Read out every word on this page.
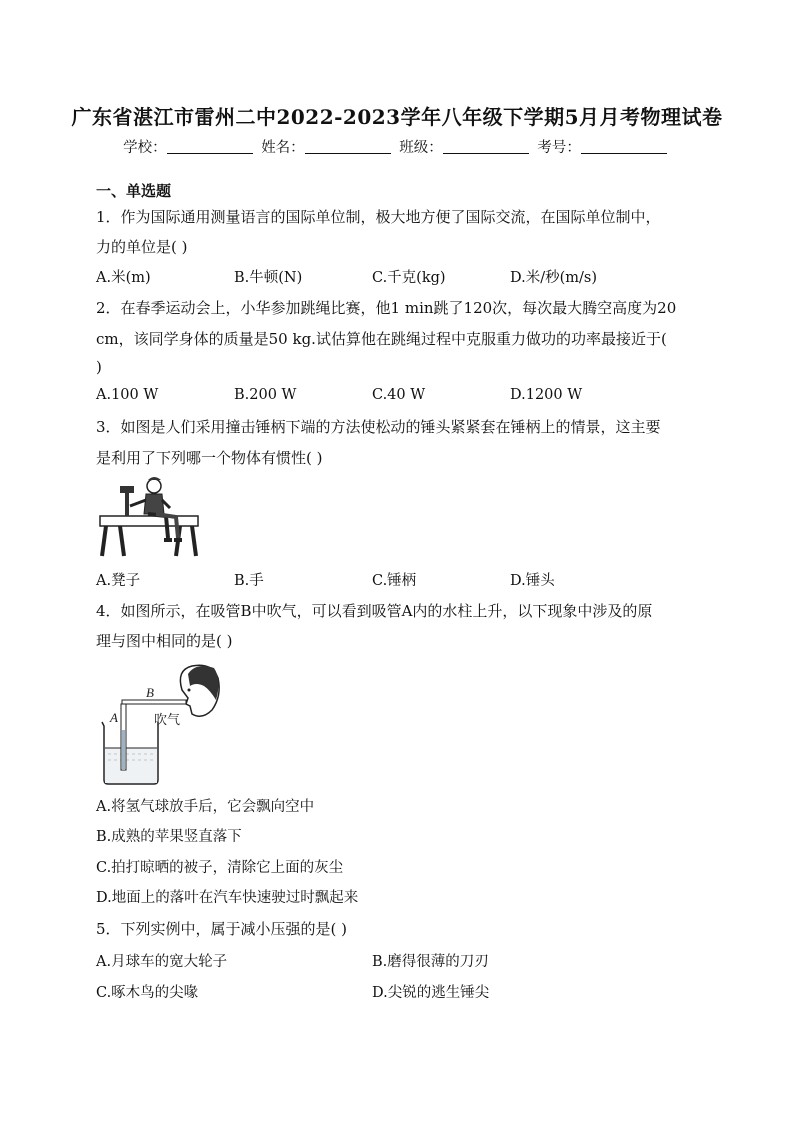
广东省湛江市雷州二中2022-2023学年八年级下学期5月月考物理试卷
学校：	姓名：	班级：	考号：
一、单选题
1．作为国际通用测量语言的国际单位制，极大地方便了国际交流，在国际单位制中，
力的单位是( )
A.米(m)	B.牛顿(N)	C.千克(kg)	D.米/秒(m/s)
2．在春季运动会上，小华参加跳绳比赛，他1 min跳了120次，每次最大腾空高度为20
cm，该同学身体的质量是50 kg.试估算他在跳绳过程中克服重力做功的功率最接近于(
)
A.100 W	B.200 W	C.40 W	D.1200 W
3．如图是人们采用撞击锤柄下端的方法使松动的锤头紧紧套在锤柄上的情景，这主要
是利用了下列哪一个物体有惯性( )
A.凳子	B.手	C.锤柄	D.锤头
4．如图所示，在吸管B中吹气，可以看到吸管A内的水柱上升，以下现象中涉及的原
理与图中相同的是( )
B
A	吹气
A.将氢气球放手后，它会飘向空中
B.成熟的苹果竖直落下
C.拍打晾晒的被子，清除它上面的灰尘
D.地面上的落叶在汽车快速驶过时飘起来
5．下列实例中，属于减小压强的是( )
A.月球车的宽大轮子	B.磨得很薄的刀刃
C.啄木鸟的尖喙	D.尖锐的逃生锤尖
